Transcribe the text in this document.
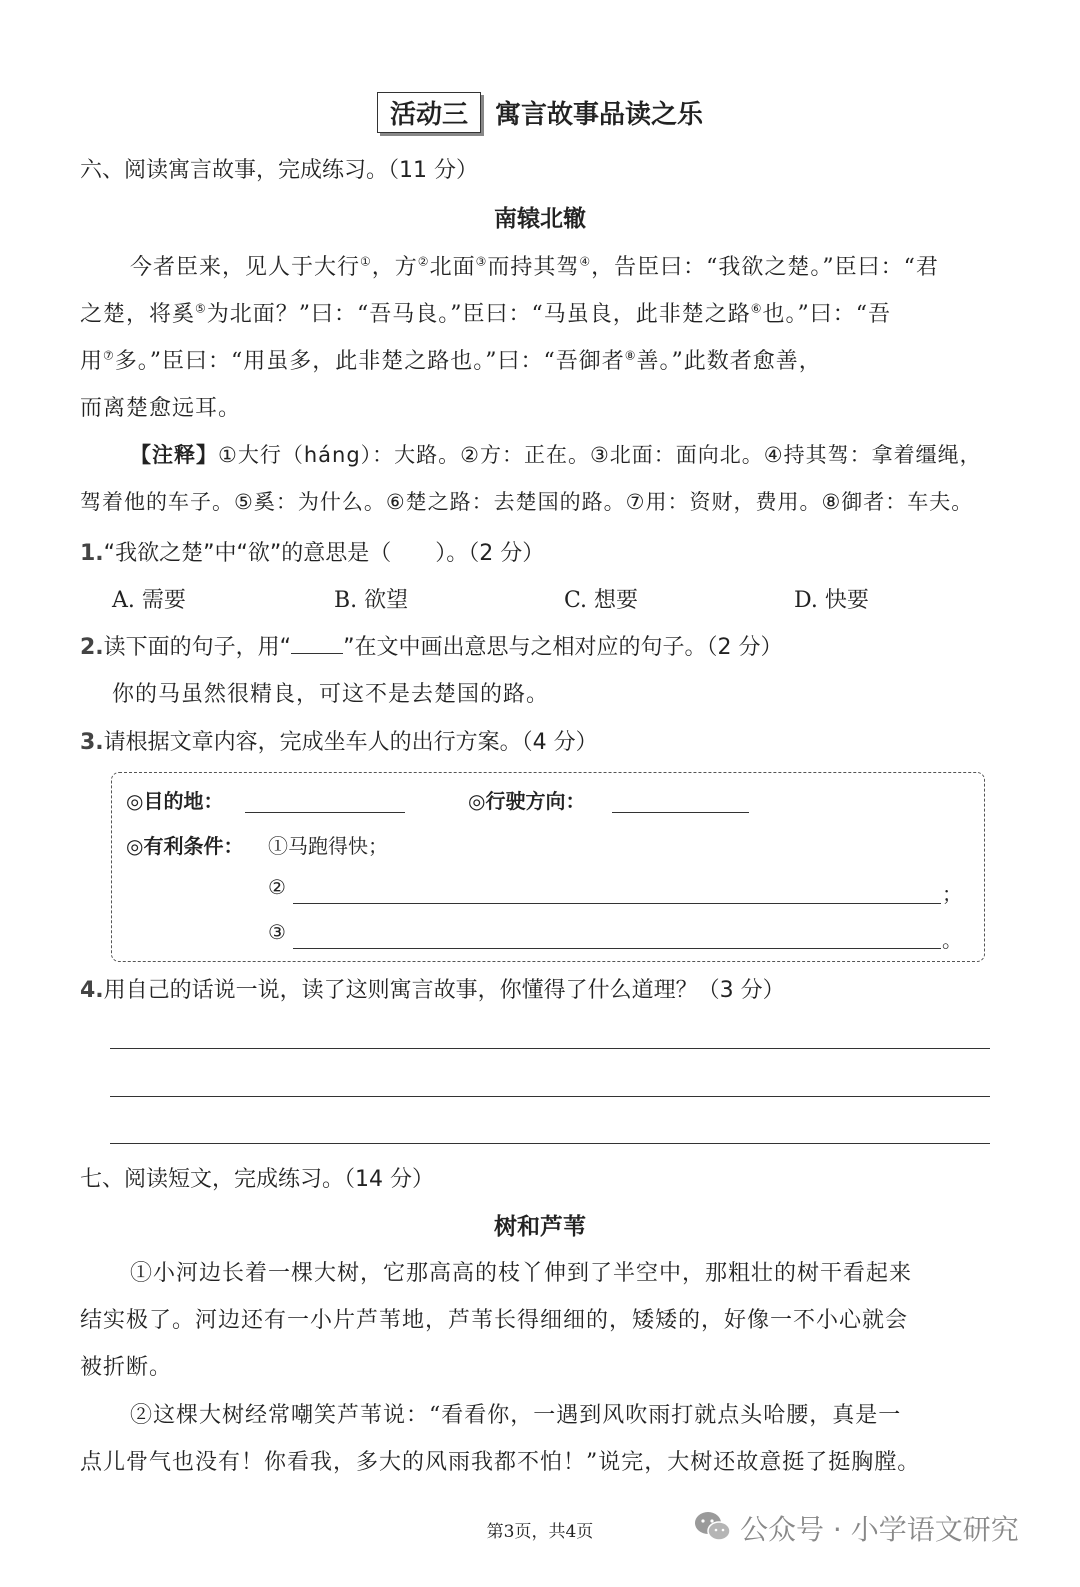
活动三 寓言故事品读之乐
六、阅读寓言故事，完成练习。（11 分）
南辕北辙
今者臣来，见人于大行①，方②北面③而持其驾④，告臣曰：“我欲之楚。”臣曰：“君
之楚，将奚⑤为北面？”曰：“吾马良。”臣曰：“马虽良，此非楚之路⑥也。”曰：“吾
用⑦多。”臣曰：“用虽多，此非楚之路也。”曰：“吾御者⑧善。”此数者愈善，
而离楚愈远耳。
【注释】①大行（háng）：大路。②方：正在。③北面：面向北。④持其驾：拿着缰绳，
驾着他的车子。⑤奚：为什么。⑥楚之路：去楚国的路。⑦用：资财，费用。⑧御者：车夫。
1.“我欲之楚”中“欲”的意思是（　　）。（2 分）
A. 需要	B. 欲望	C. 想要	D. 快要
2.读下面的句子，用“ ”在文中画出意思与之相对应的句子。（2 分）
你的马虽然很精良，可这不是去楚国的路。
3.请根据文章内容，完成坐车人的出行方案。（4 分）
◎目的地：	◎行驶方向：
◎有利条件： ①马跑得快；
②	；
③	。
4.用自己的话说一说，读了这则寓言故事，你懂得了什么道理？（3 分）
七、阅读短文，完成练习。（14 分）
树和芦苇
①小河边长着一棵大树，它那高高的枝丫伸到了半空中，那粗壮的树干看起来
结实极了。河边还有一小片芦苇地，芦苇长得细细的，矮矮的，好像一不小心就会
被折断。
②这棵大树经常嘲笑芦苇说：“看看你，一遇到风吹雨打就点头哈腰，真是一
点儿骨气也没有！你看我，多大的风雨我都不怕！”说完，大树还故意挺了挺胸膛。
第3页，共4页	公众号 · 小学语文研究
